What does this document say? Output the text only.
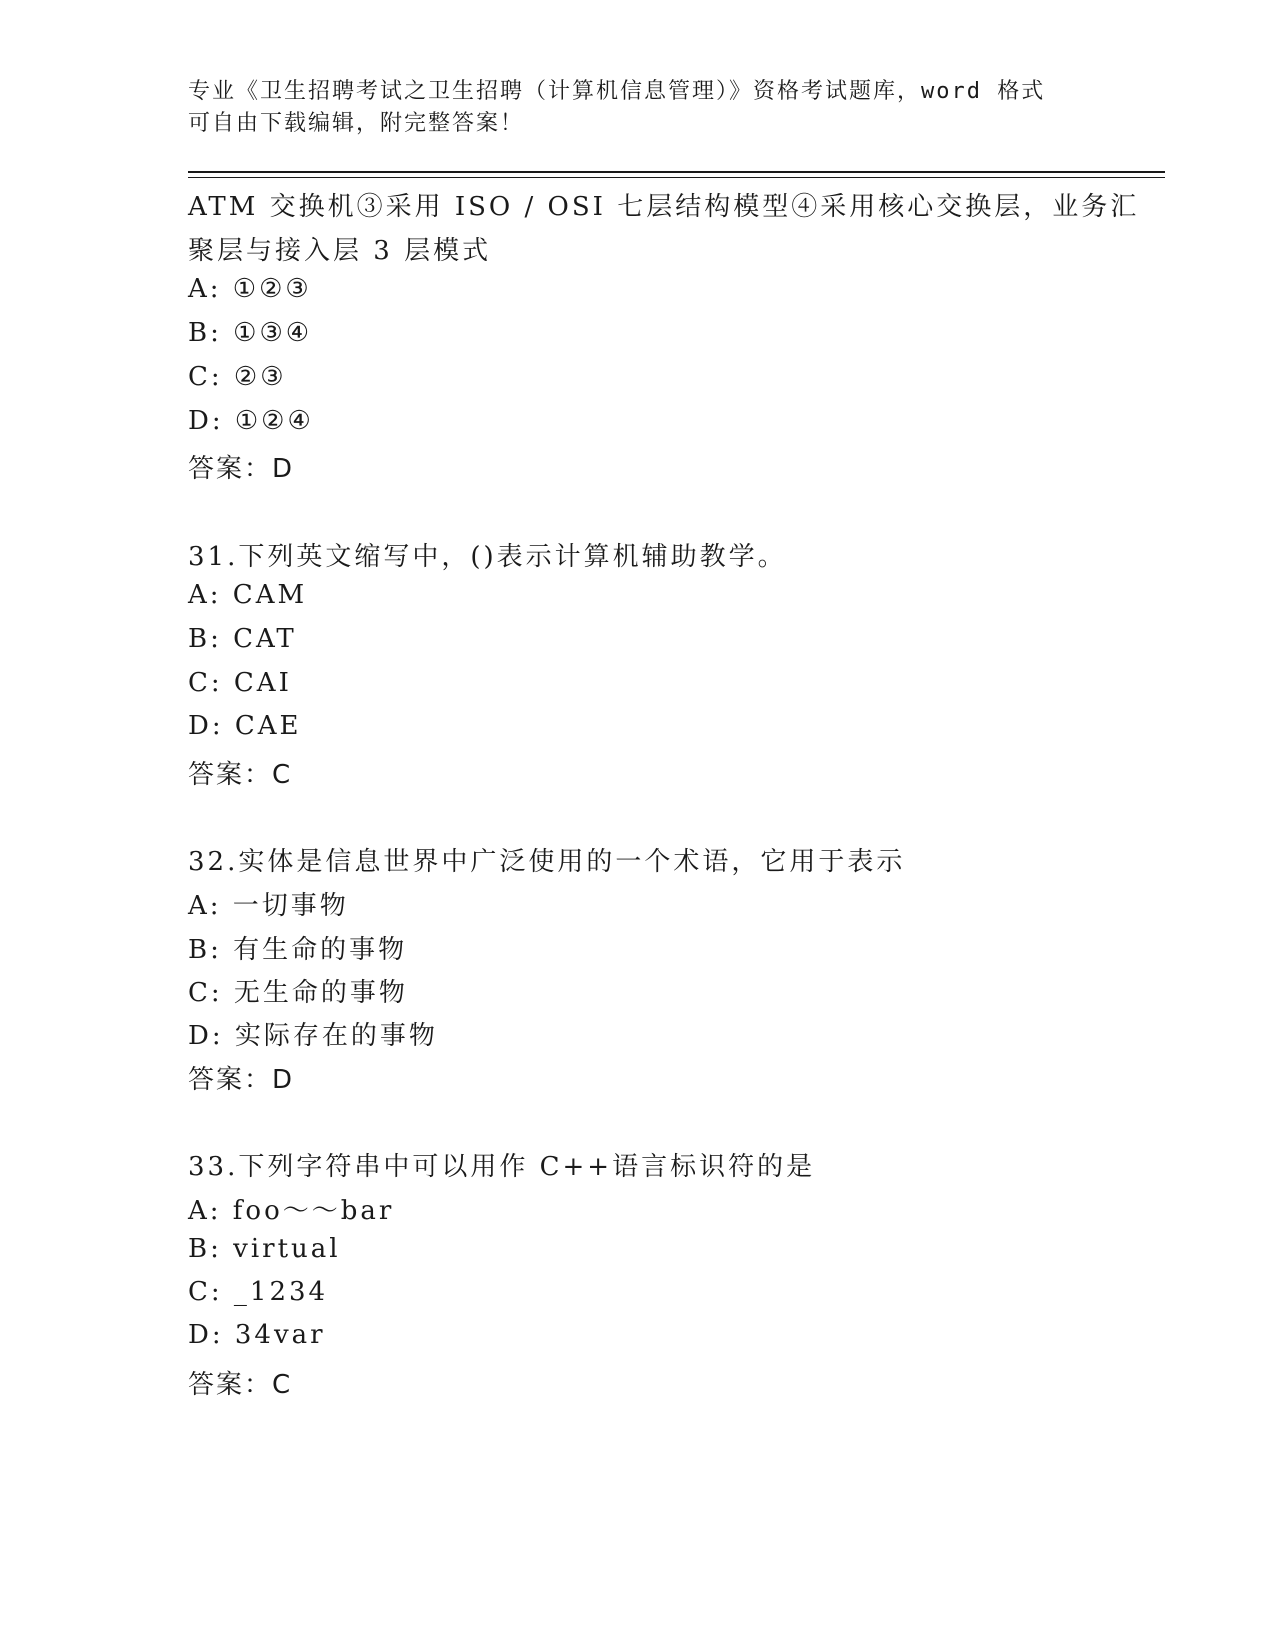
专业《卫生招聘考试之卫生招聘（计算机信息管理）》资格考试题库，word 格式
可自由下载编辑，附完整答案！
ATM 交换机③采用 ISO / OSI 七层结构模型④采用核心交换层，业务汇
聚层与接入层 3 层模式
A: ①②③
B: ①③④
C: ②③
D: ①②④
答案：D
31.下列英文缩写中，()表示计算机辅助教学。
A: CAM
B: CAT
C: CAI
D: CAE
答案：C
32.实体是信息世界中广泛使用的一个术语，它用于表示
A: 一切事物
B: 有生命的事物
C: 无生命的事物
D: 实际存在的事物
答案：D
33.下列字符串中可以用作 C++语言标识符的是
A: foo～～bar
B: virtual
C: _1234
D: 34var
答案：C
